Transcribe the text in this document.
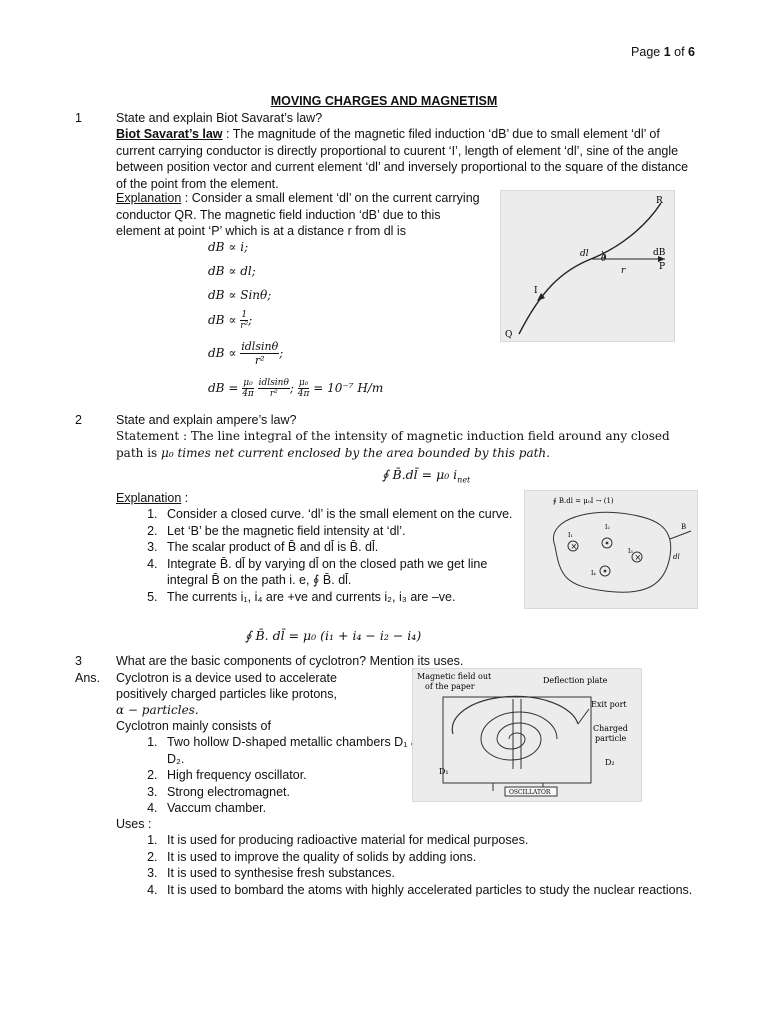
Page 1 of 6
MOVING CHARGES AND MAGNETISM
1	State and explain Biot Savarat’s law?
Biot Savarat’s law : The magnitude of the magnetic filed induction ‘dB’ due to small element ‘dl’ of current carrying conductor is directly proportional to cuurent ‘I’, length of element ‘dl’, sine of the angle between position vector and current element ‘dl’ and inversely proportional to the square of the distance of the point from the element.
Explanation : Consider a small element ‘dl’ on the current carrying conductor QR. The magnetic field induction ‘dB’ due to this element at point ‘P’ which is at a distance r from dl is
dB ∝ i;
dB ∝ dl;
dB ∝ Sinθ;
dB ∝ $\frac{1}{\text{r²}}$ ;
dB ∝ $\frac{\text{idlsinθ}}{\text{r²}}$ ;
dB = $\frac{\text{μ₀}}{4\pi}$
$\frac{\text{idlsinθ}}{\text{r²}}$ ; $\frac{\text{μ₀}}{4\pi} = 10^{-7}$ H/m
R
dl θ
dB
P
r
I
Q
2	State and explain ampere’s law?
Statement : The line integral of the intensity of magnetic induction field around any closed path is μ₀ times net current enclosed by the area bounded by this path.
∮ B̄.dl̄ = μ₀ $i_{net}$
Explanation :
1. Consider a closed curve. ‘dl’ is the small element on the curve.
2. Let ‘B’ be the magnetic field intensity at ‘dl’.
3. The scalar product of B̄ and dl̄ is B̄. dl̄.
4. Integrate B̄. dl̄ by varying dl̄ on the closed path we get line integral B̄ on the path i. e, ∮ B̄. dl̄.
5. The currents i₁, i₄ are +ve and currents i₂, i₃ are –ve.
∮ B̄. dl̄ = μ₀ (i₁ + i₄ − i₂ − i₄)
∮ B.dl = μ₀I → (1)
×
×
I₁
I₂
I₃
I₄
B
dl
3	What are the basic components of cyclotron? Mention its uses.
Ans. Cyclotron is a device used to accelerate
positively charged particles like protons,
α − particles.
Cyclotron mainly consists of
1. Two hollow D-shaped metallic chambers D₁ and D₂.
2. High frequency oscillator.
3. Strong electromagnet.
4. Vaccum chamber.
Uses :
1. It is used for producing radioactive material for medical purposes.
2. It is used to improve the quality of solids by adding ions.
3. It is used to synthesise fresh substances.
4. It is used to bombard the atoms with highly accelerated particles to study the nuclear reactions.
Magnetic field out
of the paper
Deflection plate
Exit port
Charged
particle
D₁
D₂
OSCILLATOR
